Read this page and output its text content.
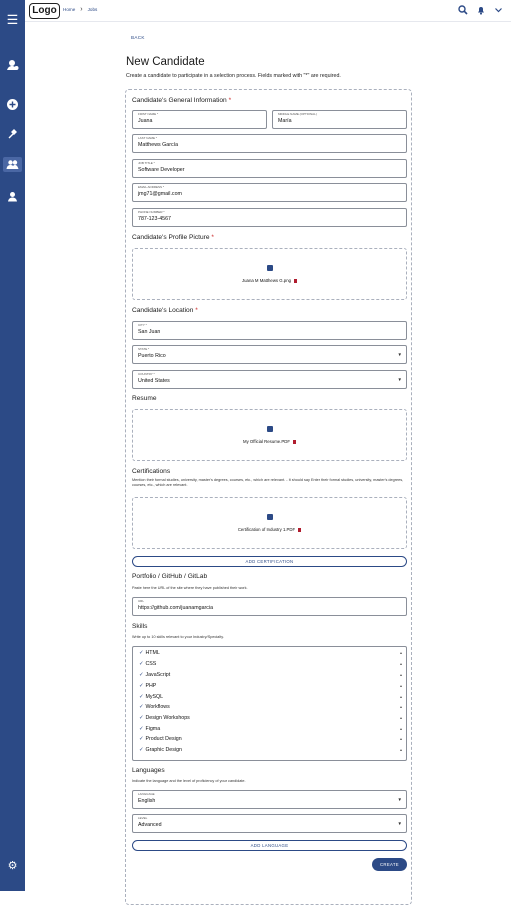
☰
⚙
Logo	Home › Jobs
BACK
New Candidate
Create a candidate to participate in a selection process. Fields marked with "*" are required.
Candidate's General Information *
FIRST NAME *
Juana
MIDDLE NAME (OPTIONAL)
María
LAST NAME *
Matthews García
JOB TITLE *
Software Developer
EMAIL ADDRESS *
jmg71@gmail.com
PHONE NUMBER *
787-123-4567
Candidate's Profile Picture *
Juana M Matthews G.png
Candidate's Location *
CITY *
San Juan
STATE *
Puerto Rico	▼
COUNTRY *
United States	▼
Resume
My Official Resume.PDF
Certifications
Mention their formal studies, university, master's degrees, courses, etc., which are relevant. - It should say Enter their formal studies, university, master's degrees, courses, etc., which are relevant.
Certification of Industry 1.PDF
ADD CERTIFICATION
Portfolio / GitHub / GitLab
Paste here the URL of the site where they have published their work.
URL
https://github.com/juanamgarcia
Skills
Write up to 10 skills relevant to your Industry/Specialty.
✓ HTML
✓ CSS
✓ JavaScript
✓ PHP
✓ MySQL
✓ Workflows
✓ Design Workshops
✓ Figma
✓ Product Design
✓ Graphic Design
▴
▴
▴
▴
▴
▴
▴
▴
▴
▴
Languages
Indicate the language and the level of proficiency of your candidate.
LANGUAGE
English	▼
LEVEL
Advanced	▼
ADD LANGUAGE
CREATE
